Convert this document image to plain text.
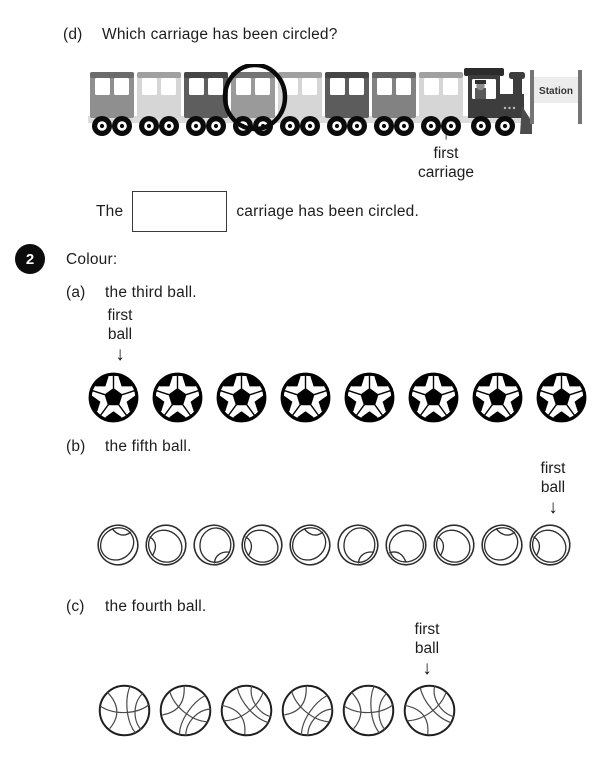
(d) Which carriage has been circled?
Station
↑
first
carriage
The	carriage has been circled.
2	Colour:
(a) the third ball.
first
ball
↓
(b) the fifth ball.
first
ball
↓
(c)	the fourth ball.
first
ball
↓
